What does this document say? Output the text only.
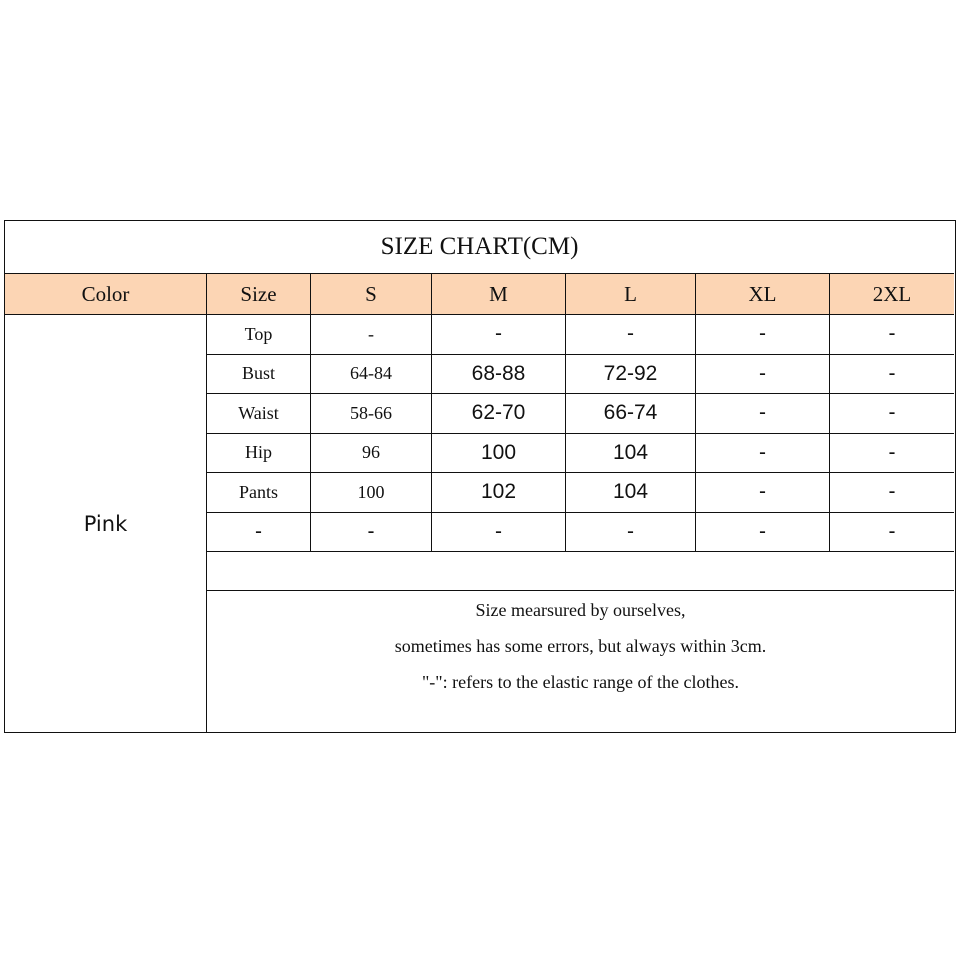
SIZE CHART(CM)
Color	Size	S	M	L	XL	2XL
Pink
Top	-	-	-	-	-
Bust	64-84	68-88	72-92	-	-
Waist	58-66	62-70	66-74	-	-
Hip	96	100	104	-	-
Pants	100	102	104	-	-
-	-	-	-	-	-
Size mearsured by ourselves,
sometimes has some errors, but always within 3cm.
"-": refers to the elastic range of the clothes.
